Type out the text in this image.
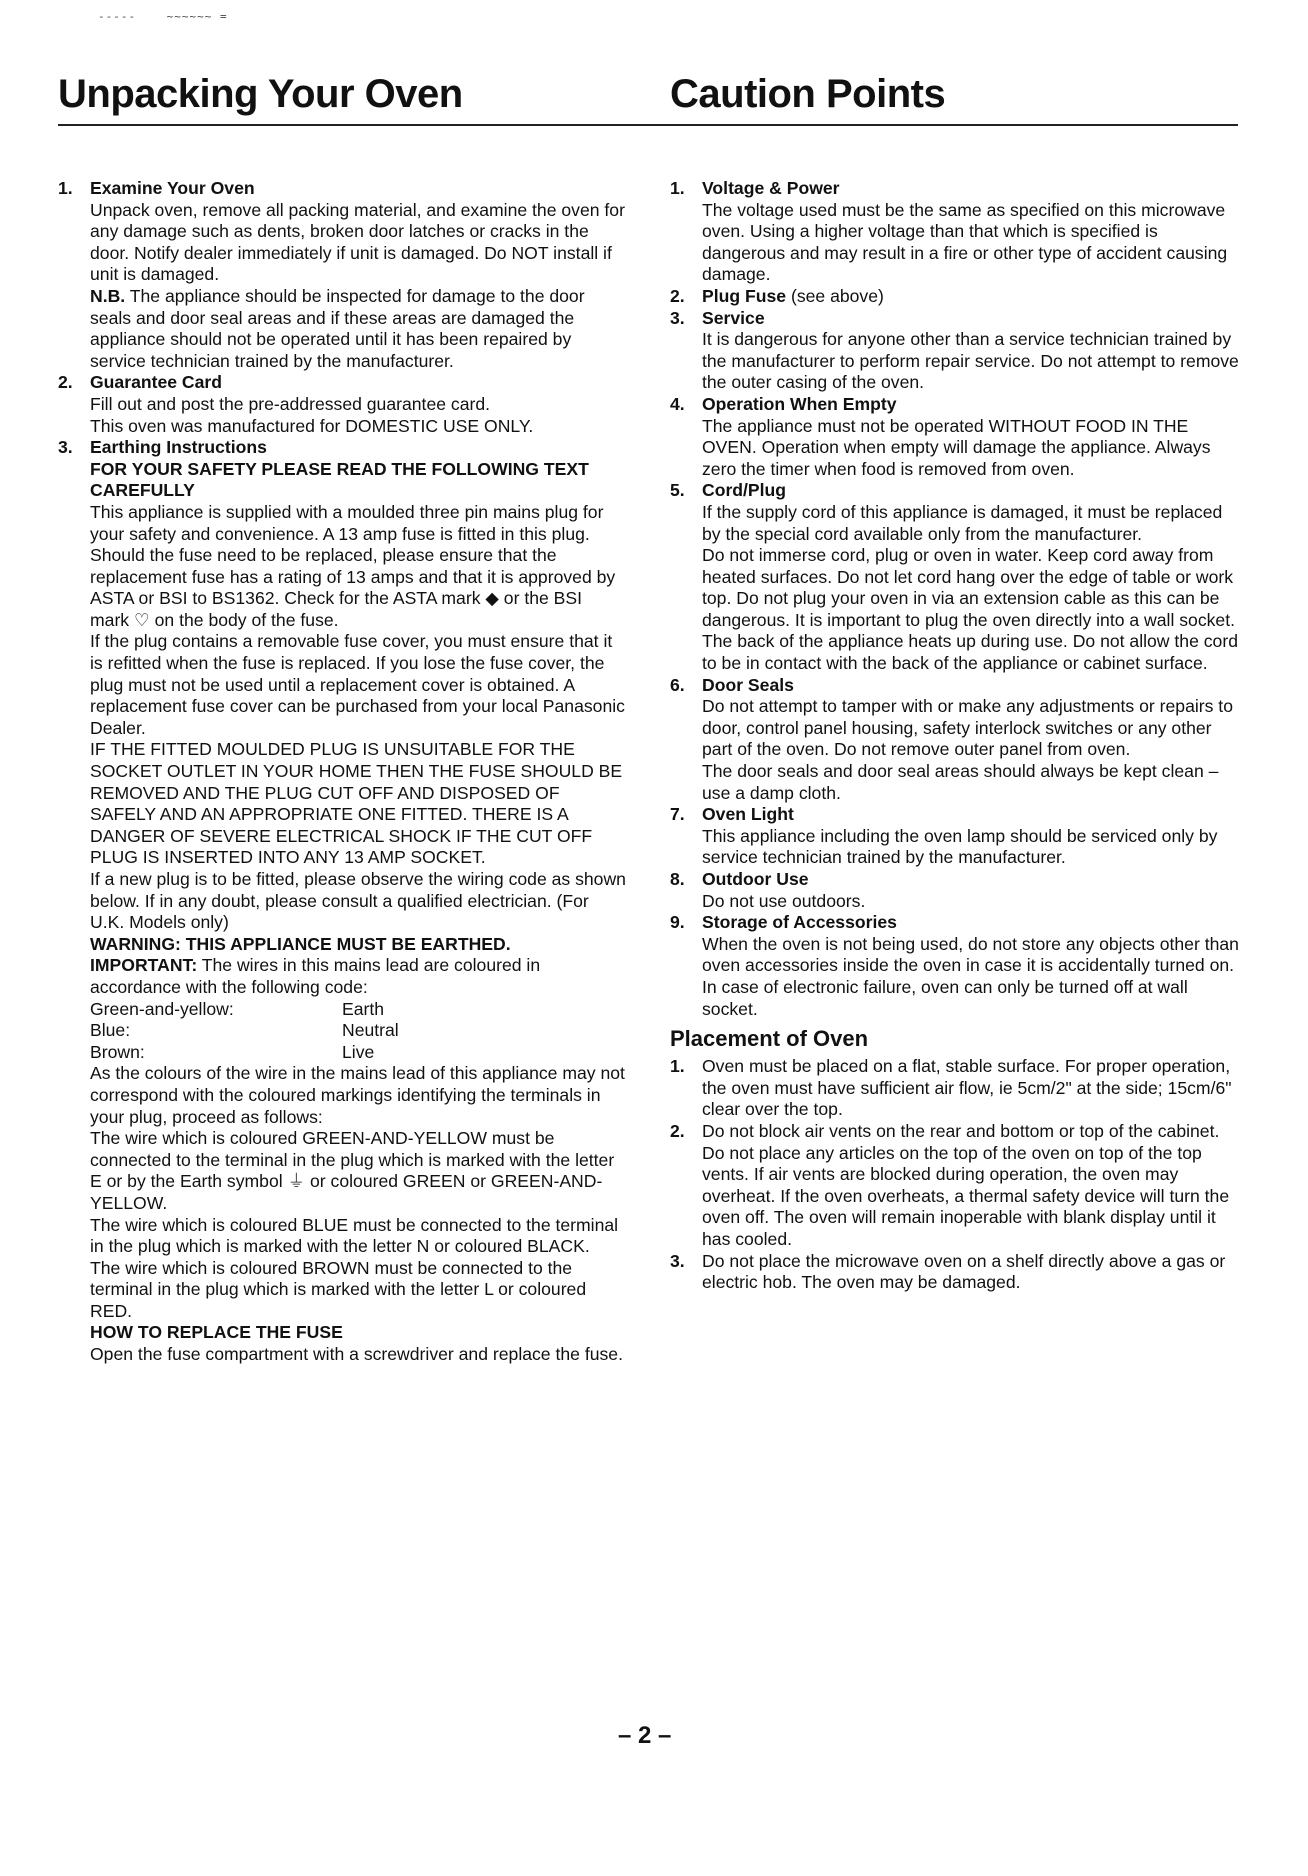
-----    ~~~~~~ =
Unpacking Your Oven	Caution Points
1. Examine Your Oven

Unpack oven, remove all packing material, and examine the oven for any damage such as dents, broken door latches or cracks in the door. Notify dealer immediately if unit is damaged. Do NOT install if unit is damaged.

N.B. The appliance should be inspected for damage to the door seals and door seal areas and if these areas are damaged the appliance should not be operated until it has been repaired by service technician trained by the manufacturer.

2. Guarantee Card

Fill out and post the pre-addressed guarantee card.

This oven was manufactured for DOMESTIC USE ONLY.

3. Earthing Instructions

FOR YOUR SAFETY PLEASE READ THE FOLLOWING TEXT CAREFULLY

This appliance is supplied with a moulded three pin mains plug for your safety and convenience. A 13 amp fuse is fitted in this plug. Should the fuse need to be replaced, please ensure that the replacement fuse has a rating of 13 amps and that it is approved by ASTA or BSI to BS1362. Check for the ASTA mark ◆ or the BSI mark ♡ on the body of the fuse.

If the plug contains a removable fuse cover, you must ensure that it is refitted when the fuse is replaced. If you lose the fuse cover, the plug must not be used until a replacement cover is obtained. A replacement fuse cover can be purchased from your local Panasonic Dealer.

IF THE FITTED MOULDED PLUG IS UNSUITABLE FOR THE SOCKET OUTLET IN YOUR HOME THEN THE FUSE SHOULD BE REMOVED AND THE PLUG CUT OFF AND DISPOSED OF SAFELY AND AN APPROPRIATE ONE FITTED. THERE IS A DANGER OF SEVERE ELECTRICAL SHOCK IF THE CUT OFF PLUG IS INSERTED INTO ANY 13 AMP SOCKET.

If a new plug is to be fitted, please observe the wiring code as shown below. If in any doubt, please consult a qualified electrician. (For U.K. Models only)

WARNING: THIS APPLIANCE MUST BE EARTHED.

IMPORTANT: The wires in this mains lead are coloured in accordance with the following code:

Green-and-yellow:	Earth
Blue:	Neutral
Brown:	Live

As the colours of the wire in the mains lead of this appliance may not correspond with the coloured markings identifying the terminals in your plug, proceed as follows:

The wire which is coloured GREEN-AND-YELLOW must be connected to the terminal in the plug which is marked with the letter E or by the Earth symbol ⏚ or coloured GREEN or GREEN-AND-YELLOW.

The wire which is coloured BLUE must be connected to the terminal in the plug which is marked with the letter N or coloured BLACK.

The wire which is coloured BROWN must be connected to the terminal in the plug which is marked with the letter L or coloured RED.

HOW TO REPLACE THE FUSE

Open the fuse compartment with a screwdriver and replace the fuse.

1. Voltage & Power

The voltage used must be the same as specified on this microwave oven. Using a higher voltage than that which is specified is dangerous and may result in a fire or other type of accident causing damage.

2. Plug Fuse (see above)

3. Service

It is dangerous for anyone other than a service technician trained by the manufacturer to perform repair service. Do not attempt to remove the outer casing of the oven.

4. Operation When Empty

The appliance must not be operated WITHOUT FOOD IN THE OVEN. Operation when empty will damage the appliance. Always zero the timer when food is removed from oven.

5. Cord/Plug

If the supply cord of this appliance is damaged, it must be replaced by the special cord available only from the manufacturer.

Do not immerse cord, plug or oven in water. Keep cord away from heated surfaces. Do not let cord hang over the edge of table or work top. Do not plug your oven in via an extension cable as this can be dangerous. It is important to plug the oven directly into a wall socket. The back of the appliance heats up during use. Do not allow the cord to be in contact with the back of the appliance or cabinet surface.

6. Door Seals

Do not attempt to tamper with or make any adjustments or repairs to door, control panel housing, safety interlock switches or any other part of the oven. Do not remove outer panel from oven.

The door seals and door seal areas should always be kept clean – use a damp cloth.

7. Oven Light

This appliance including the oven lamp should be serviced only by service technician trained by the manufacturer.

8. Outdoor Use

Do not use outdoors.

9. Storage of Accessories

When the oven is not being used, do not store any objects other than oven accessories inside the oven in case it is accidentally turned on. In case of electronic failure, oven can only be turned off at wall socket.

Placement of Oven
1. Oven must be placed on a flat, stable surface. For proper operation, the oven must have sufficient air flow, ie 5cm/2" at the side; 15cm/6" clear over the top.

2. Do not block air vents on the rear and bottom or top of the cabinet. Do not place any articles on the top of the oven on top of the top vents. If air vents are blocked during operation, the oven may overheat. If the oven overheats, a thermal safety device will turn the oven off. The oven will remain inoperable with blank display until it has cooled.

3. Do not place the microwave oven on a shelf directly above a gas or electric hob. The oven may be damaged.

– 2 –
